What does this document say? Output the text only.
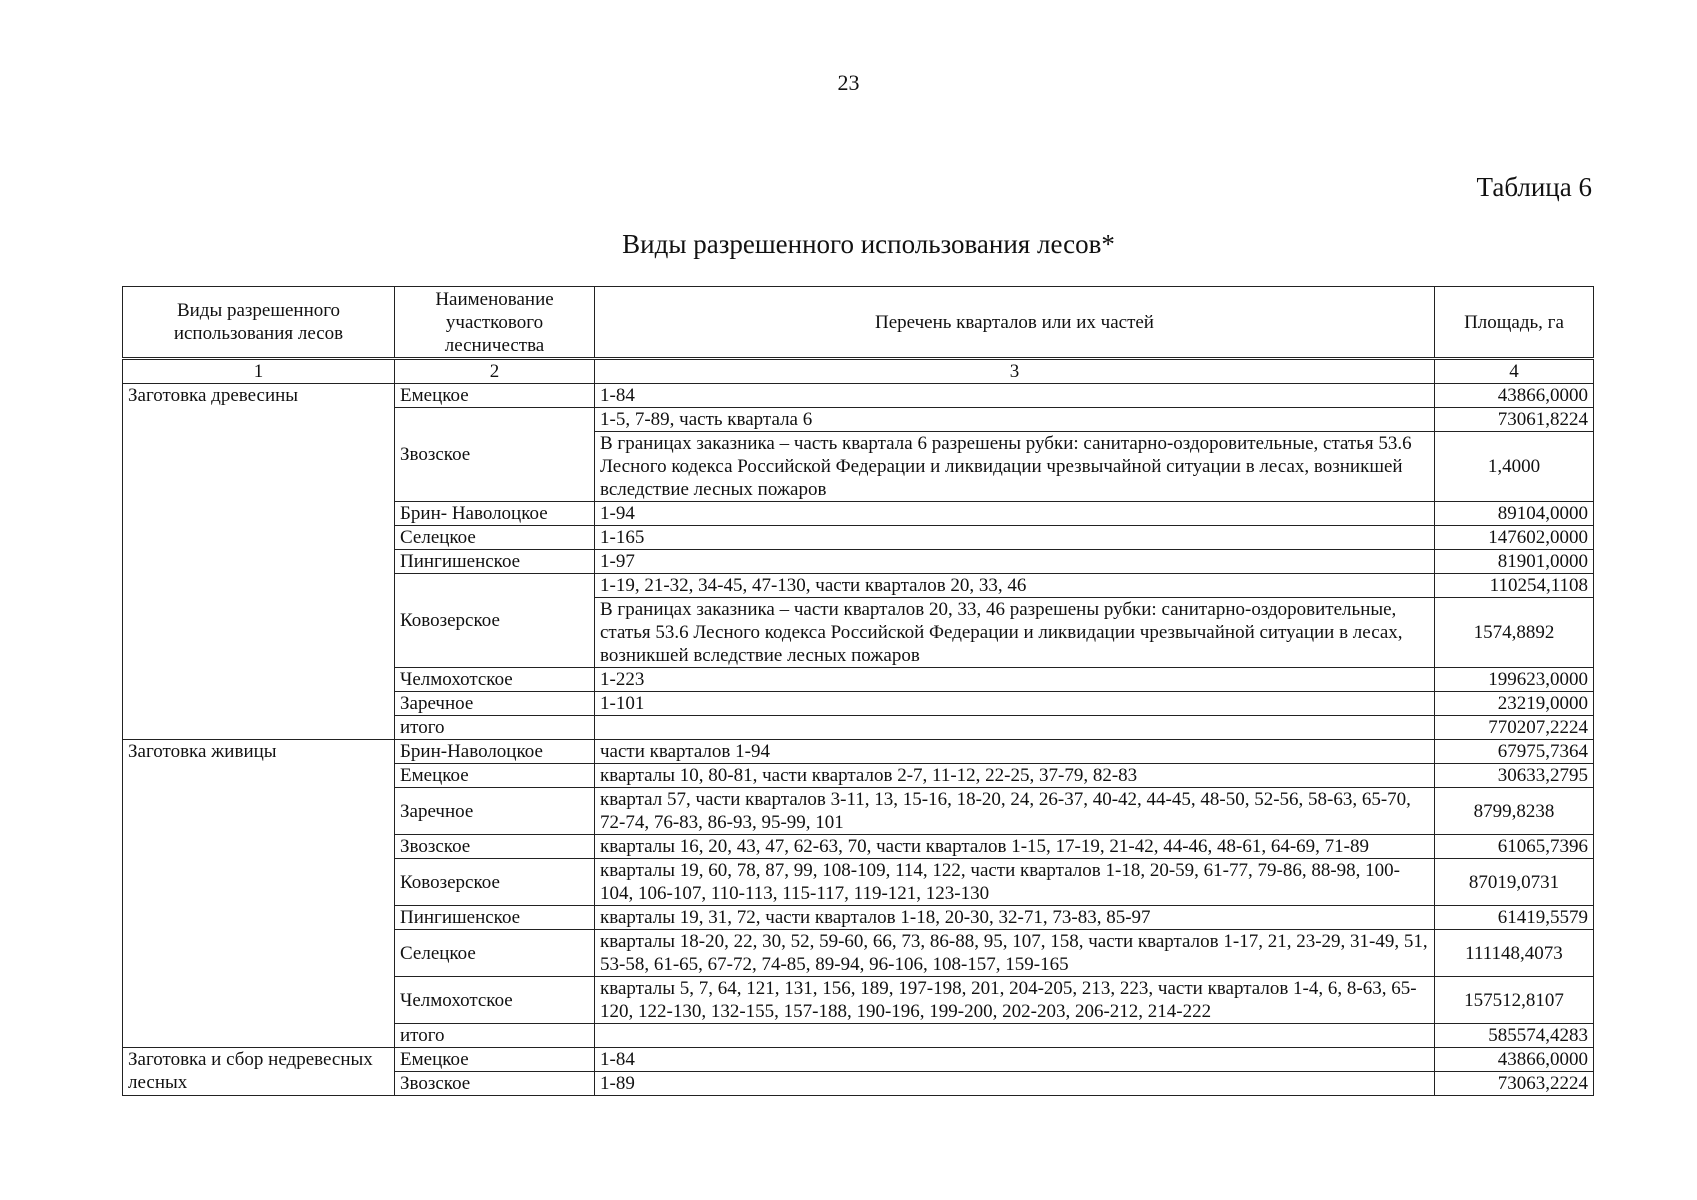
23
Таблица 6
Виды разрешенного использования лесов*
Виды разрешенного использования лесов	Наименование участкового лесничества	Перечень кварталов или их частей	Площадь, га
1	2	3	4
Заготовка древесины	Емецкое	1-84	43866,0000
	Звозское	1-5, 7-89, часть квартала 6	73061,8224
		В границах заказника – часть квартала 6 разрешены рубки: санитарно-оздоровительные, статья 53.6 Лесного кодекса Российской Федерации и ликвидации чрезвычайной ситуации в лесах, возникшей вследствие лесных пожаров	1,4000
	Брин- Наволоцкое	1-94	89104,0000
	Селецкое	1-165	147602,0000
	Пингишенское	1-97	81901,0000
	Ковозерское	1-19, 21-32, 34-45, 47-130, части кварталов 20, 33, 46	110254,1108
		В границах заказника – части кварталов 20, 33, 46 разрешены рубки: санитарно-оздоровительные, статья 53.6 Лесного кодекса Российской Федерации и ликвидации чрезвычайной ситуации в лесах, возникшей вследствие лесных пожаров	1574,8892
	Челмохотское	1-223	199623,0000
	Заречное	1-101	23219,0000
	итого		770207,2224
Заготовка живицы	Брин-Наволоцкое	части кварталов 1-94	67975,7364
	Емецкое	кварталы 10, 80-81, части кварталов 2-7, 11-12, 22-25, 37-79, 82-83	30633,2795
	Заречное	квартал 57, части кварталов 3-11, 13, 15-16, 18-20, 24, 26-37, 40-42, 44-45, 48-50, 52-56, 58-63, 65-70, 72-74, 76-83, 86-93, 95-99, 101	8799,8238
	Звозское	кварталы 16, 20, 43, 47, 62-63, 70, части кварталов 1-15, 17-19, 21-42, 44-46, 48-61, 64-69, 71-89	61065,7396
	Ковозерское	кварталы 19, 60, 78, 87, 99, 108-109, 114, 122, части кварталов 1-18, 20-59, 61-77, 79-86, 88-98, 100-104, 106-107, 110-113, 115-117, 119-121, 123-130	87019,0731
	Пингишенское	кварталы 19, 31, 72, части кварталов 1-18, 20-30, 32-71, 73-83, 85-97	61419,5579
	Селецкое	кварталы 18-20, 22, 30, 52, 59-60, 66, 73, 86-88, 95, 107, 158, части кварталов 1-17, 21, 23-29, 31-49, 51, 53-58, 61-65, 67-72, 74-85, 89-94, 96-106, 108-157, 159-165	111148,4073
	Челмохотское	кварталы 5, 7, 64, 121, 131, 156, 189, 197-198, 201, 204-205, 213, 223, части кварталов 1-4, 6, 8-63, 65-120, 122-130, 132-155, 157-188, 190-196, 199-200, 202-203, 206-212, 214-222	157512,8107
	итого		585574,4283
Заготовка и сбор недревесных лесных	Емецкое	1-84	43866,0000
	Звозское	1-89	73063,2224
